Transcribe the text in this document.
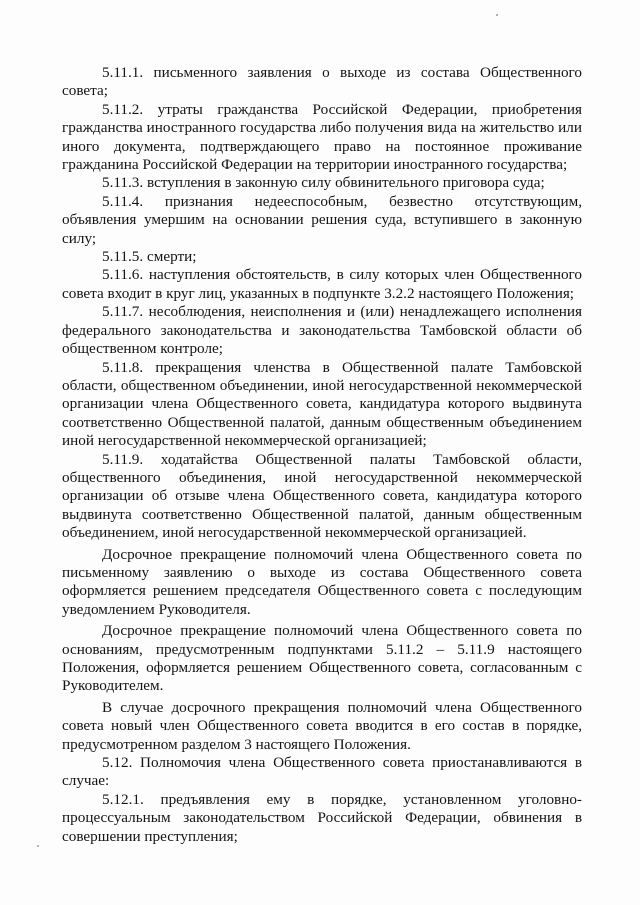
5.11.1. письменного заявления о выходе из состава Общественного совета;

5.11.2. утраты гражданства Российской Федерации, приобретения гражданства иностранного государства либо получения вида на жительство или иного документа, подтверждающего право на постоянное проживание гражданина Российской Федерации на территории иностранного государства;

5.11.3. вступления в законную силу обвинительного приговора суда;

5.11.4. признания недееспособным, безвестно отсутствующим, объявления умершим на основании решения суда, вступившего в законную силу;

5.11.5. смерти;

5.11.6. наступления обстоятельств, в силу которых член Общественного совета входит в круг лиц, указанных в подпункте 3.2.2 настоящего Положения;

5.11.7. несоблюдения, неисполнения и (или) ненадлежащего исполнения федерального законодательства и законодательства Тамбовской области об общественном контроле;

5.11.8. прекращения членства в Общественной палате Тамбовской области, общественном объединении, иной негосударственной некоммерческой организации члена Общественного совета, кандидатура которого выдвинута соответственно Общественной палатой, данным общественным объединением иной негосударственной некоммерческой организацией;

5.11.9. ходатайства Общественной палаты Тамбовской области, общественного объединения, иной негосударственной некоммерческой организации об отзыве члена Общественного совета, кандидатура которого выдвинута соответственно Общественной палатой, данным общественным объединением, иной негосударственной некоммерческой организацией.

Досрочное прекращение полномочий члена Общественного совета по письменному заявлению о выходе из состава Общественного совета оформляется решением председателя Общественного совета с последующим уведомлением Руководителя.

Досрочное прекращение полномочий члена Общественного совета по основаниям, предусмотренным подпунктами 5.11.2 – 5.11.9 настоящего Положения, оформляется решением Общественного совета, согласованным с Руководителем.

В случае досрочного прекращения полномочий члена Общественного совета новый член Общественного совета вводится в его состав в порядке, предусмотренном разделом 3 настоящего Положения.

5.12. Полномочия члена Общественного совета приостанавливаются в случае:

5.12.1. предъявления ему в порядке, установленном уголовно-процессуальным законодательством Российской Федерации, обвинения в совершении преступления;
